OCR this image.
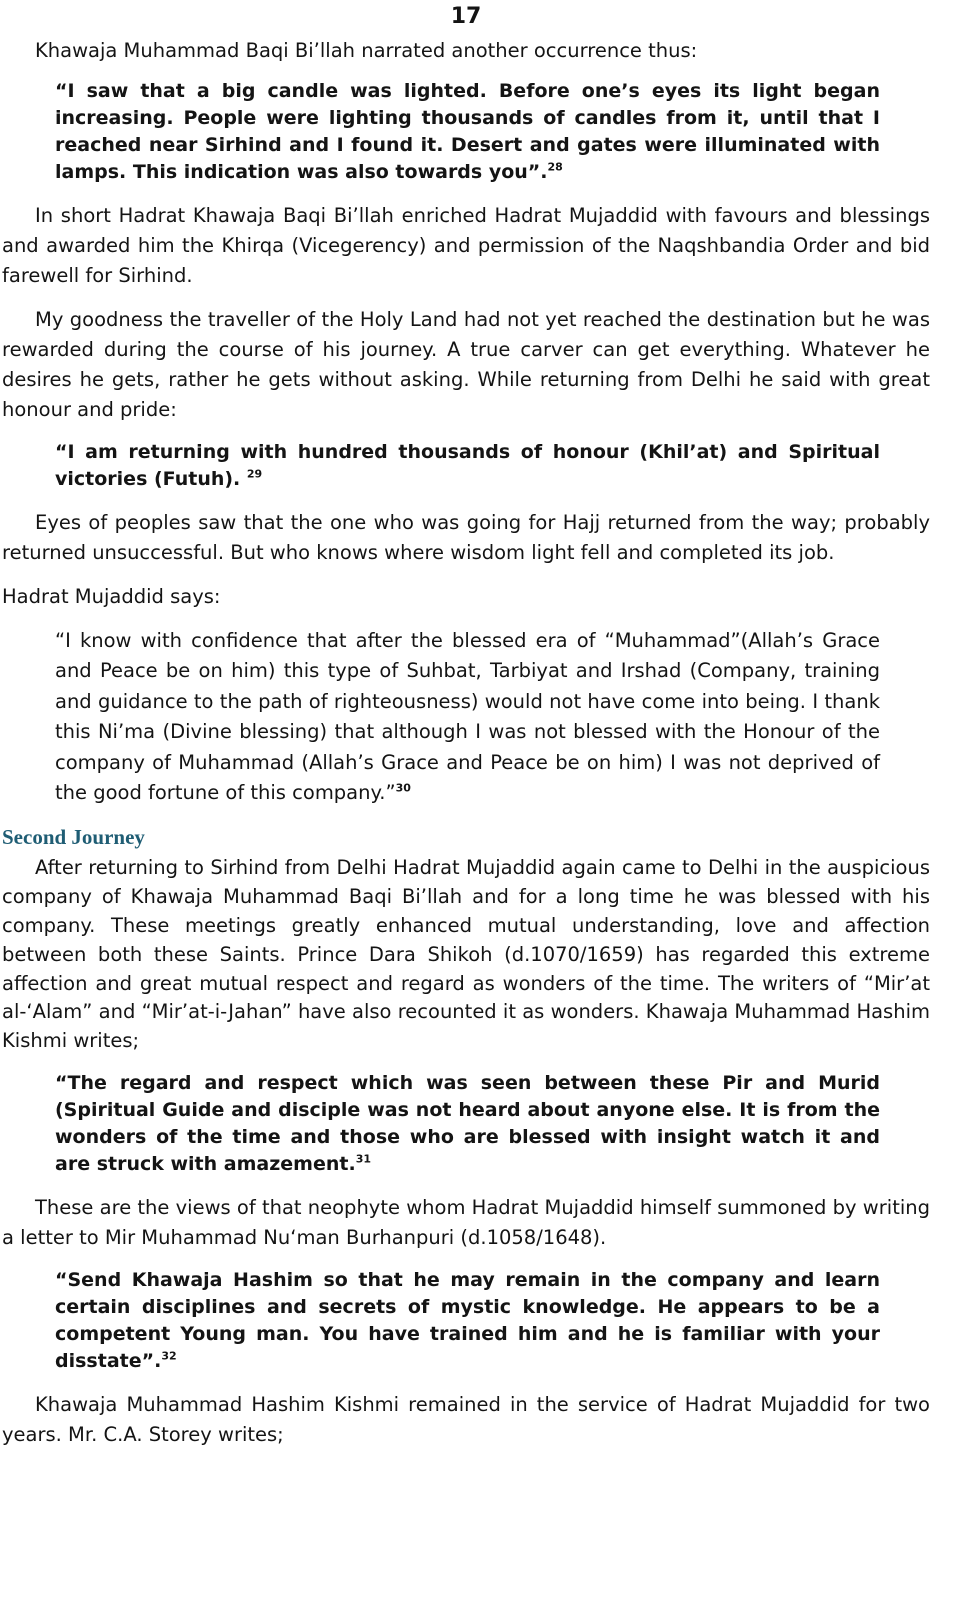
17

Khawaja Muhammad Baqi Bi’llah narrated another occurrence thus:

“I saw that a big candle was lighted. Before one’s eyes its light began increasing. People were lighting thousands of candles from it, until that I reached near Sirhind and I found it. Desert and gates were illuminated with lamps. This indication was also towards you”.$^{28}$

In short Hadrat Khawaja Baqi Bi’llah enriched Hadrat Mujaddid with favours and blessings and awarded him the Khirqa (Vicegerency) and permission of the Naqshbandia Order and bid farewell for Sirhind.

My goodness the traveller of the Holy Land had not yet reached the destination but he was rewarded during the course of his journey. A true carver can get everything. Whatever he desires he gets, rather he gets without asking. While returning from Delhi he said with great honour and pride:

“I am returning with hundred thousands of honour (Khil’at) and Spiritual victories (Futuh). $^{29}$

Eyes of peoples saw that the one who was going for Hajj returned from the way; probably returned unsuccessful. But who knows where wisdom light fell and completed its job.

Hadrat Mujaddid says:

“I know with confidence that after the blessed era of “Muhammad”(Allah’s Grace and Peace be on him) this type of Suhbat, Tarbiyat and Irshad (Company, training and guidance to the path of righteousness) would not have come into being. I thank this Ni’ma (Divine blessing) that although I was not blessed with the Honour of the company of Muhammad (Allah’s Grace and Peace be on him) I was not deprived of the good fortune of this company.”$^{30}$
Second Journey

After returning to Sirhind from Delhi Hadrat Mujaddid again came to Delhi in the auspicious company of Khawaja Muhammad Baqi Bi’llah and for a long time he was blessed with his company. These meetings greatly enhanced mutual understanding, love and affection between both these Saints. Prince Dara Shikoh (d.1070/1659) has regarded this extreme affection and great mutual respect and regard as wonders of the time. The writers of “Mir’at al-‘Alam” and “Mir’at-i-Jahan” have also recounted it as wonders. Khawaja Muhammad Hashim Kishmi writes;

“The regard and respect which was seen between these Pir and Murid (Spiritual Guide and disciple was not heard about anyone else. It is from the wonders of the time and those who are blessed with insight watch it and are struck with amazement.$^{31}$

These are the views of that neophyte whom Hadrat Mujaddid himself summoned by writing a letter to Mir Muhammad Nu‘man Burhanpuri (d.1058/1648).

“Send Khawaja Hashim so that he may remain in the company and learn certain disciplines and secrets of mystic knowledge. He appears to be a competent Young man. You have trained him and he is familiar with your disstate”.$^{32}$

Khawaja Muhammad Hashim Kishmi remained in the service of Hadrat Mujaddid for two years. Mr. C.A. Storey writes;
